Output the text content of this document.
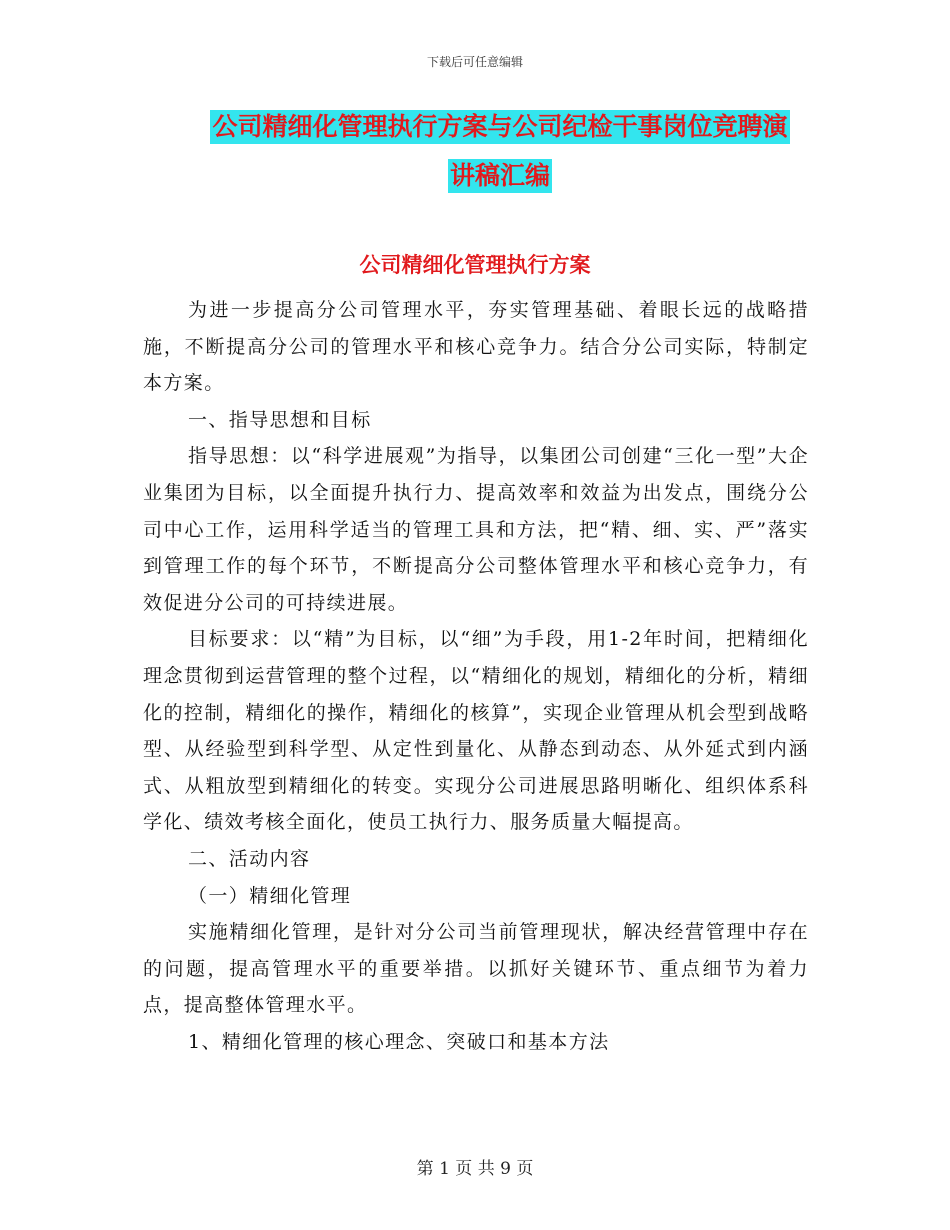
下载后可任意编辑
公司精细化管理执行方案与公司纪检干事岗位竞聘演
讲稿汇编
公司精细化管理执行方案

为进一步提高分公司管理水平，夯实管理基础、着眼长远的战略措施，不断提高分公司的管理水平和核心竞争力。结合分公司实际，特制定本方案。

一、指导思想和目标

指导思想：以“科学进展观”为指导，以集团公司创建“三化一型”大企业集团为目标，以全面提升执行力、提高效率和效益为出发点，围绕分公司中心工作，运用科学适当的管理工具和方法，把“精、细、实、严”落实到管理工作的每个环节，不断提高分公司整体管理水平和核心竞争力，有效促进分公司的可持续进展。

目标要求：以“精”为目标，以“细”为手段，用1-2年时间，把精细化理念贯彻到运营管理的整个过程，以“精细化的规划，精细化的分析，精细化的控制，精细化的操作，精细化的核算”，实现企业管理从机会型到战略型、从经验型到科学型、从定性到量化、从静态到动态、从外延式到内涵式、从粗放型到精细化的转变。实现分公司进展思路明晰化、组织体系科学化、绩效考核全面化，使员工执行力、服务质量大幅提高。

二、活动内容

（一）精细化管理

实施精细化管理，是针对分公司当前管理现状，解决经营管理中存在的问题，提高管理水平的重要举措。以抓好关键环节、重点细节为着力点，提高整体管理水平。

1、精细化管理的核心理念、突破口和基本方法

第 1 页 共 9 页
